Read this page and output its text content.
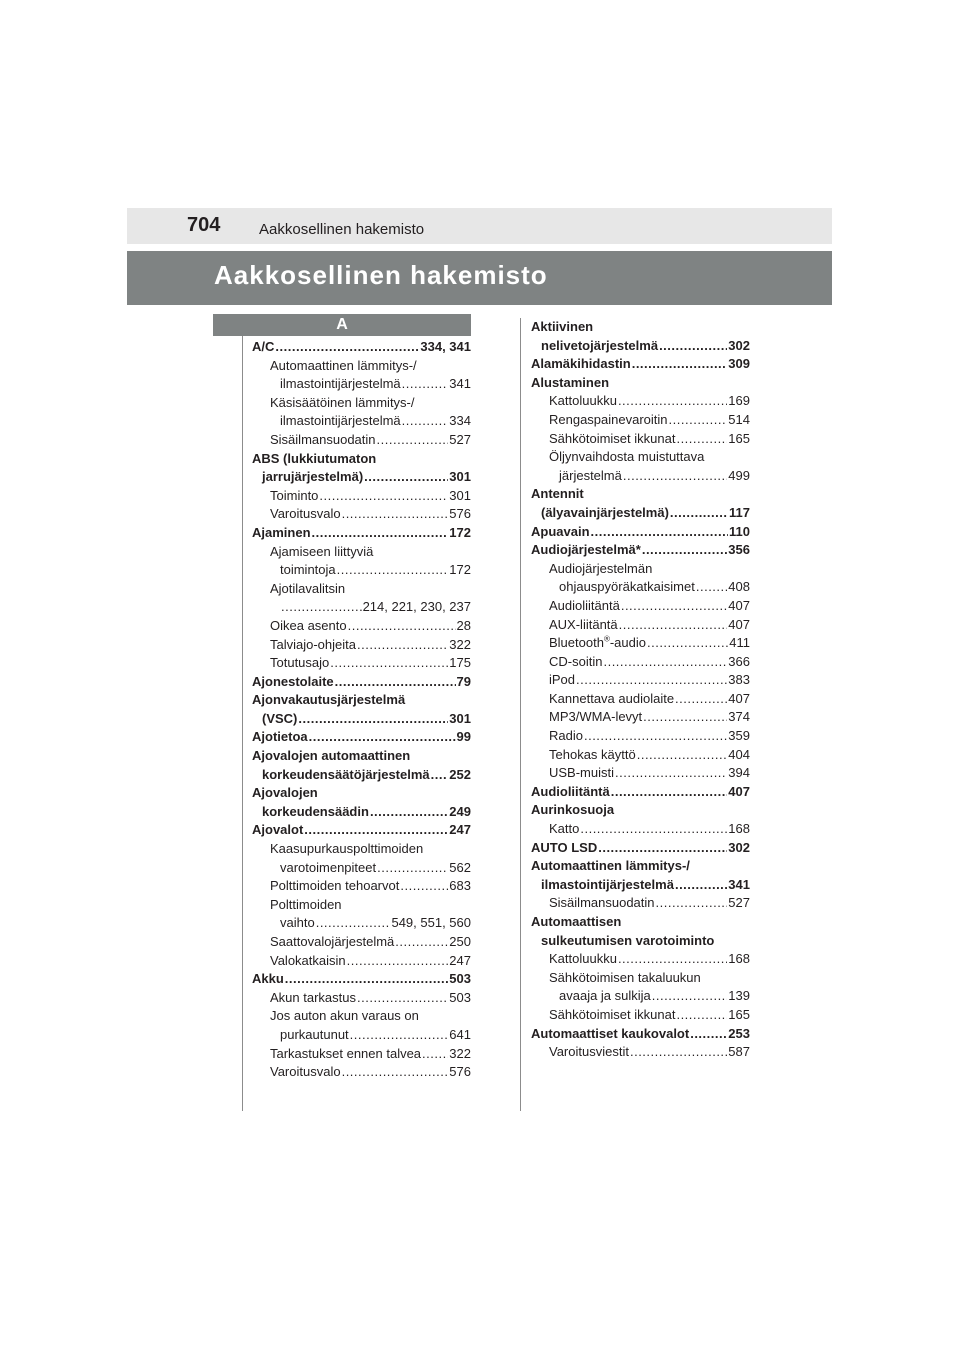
704	Aakkosellinen hakemisto
Aakkosellinen hakemisto
A
A/C .....	334, 341
Automaattinen lämmitys-/
ilmastointijärjestelmä .....	341
Käsisäätöinen lämmitys-/
ilmastointijärjestelmä .....	334
Sisäilmansuodatin .....	527
ABS (lukkiutumaton
jarrujärjestelmä) .....	301
Toiminto .....	301
Varoitusvalo .....	576
Ajaminen .....	172
Ajamiseen liittyviä
toimintoja .....	172
Ajotilavalitsin
.....
214, 221, 230, 237
Oikea asento .....	28
Talviajo-ohjeita .....	322
Totutusajo .....	175
Ajonestolaite .....	79
Ajonvakautusjärjestelmä
(VSC) .....	301
Ajotietoa .....	99
Ajovalojen automaattinen
korkeudensäätöjärjestelmä ..... 252
Ajovalojen
korkeudensäädin .....	249
Ajovalot .....	247
Kaasupurkauspolttimoiden
varotoimenpiteet .....	562
Polttimoiden tehoarvot .....	683
Polttimoiden
vaihto .....	549, 551, 560
Saattovalojärjestelmä .....	250
Valokatkaisin .....	247
Akku .....	503
Akun tarkastus .....	503
Jos auton akun varaus on
purkautunut .....	641
Tarkastukset ennen talvea ..... 322
Varoitusvalo .....	576
Aktiivinen
nelivetojärjestelmä .....	302
Alamäkihidastin .....	309
Alustaminen
Kattoluukku .....	169
Rengaspainevaroitin .....	514
Sähkötoimiset ikkunat .....	165
Öljynvaihdosta muistuttava
järjestelmä .....	499
Antennit
(älyavainjärjestelmä) .....	117
Apuavain .....	110
Audiojärjestelmä* .....	356
Audiojärjestelmän
ohjauspyöräkatkaisimet .....	408
Audioliitäntä .....	407
AUX-liitäntä .....	407
Bluetooth®-audio .....	411
CD-soitin .....	366
iPod .....	383
Kannettava audiolaite .....	407
MP3/WMA-levyt .....	374
Radio .....	359
Tehokas käyttö .....	404
USB-muisti .....	394
Audioliitäntä .....	407
Aurinkosuoja
Katto .....	168
AUTO LSD .....	302
Automaattinen lämmitys-/
ilmastointijärjestelmä .....	341
Sisäilmansuodatin .....	527
Automaattisen
sulkeutumisen varotoiminto
Kattoluukku .....	168
Sähkötoimisen takaluukun
avaaja ja sulkija .....	139
Sähkötoimiset ikkunat .....	165
Automaattiset kaukovalot .....	253
Varoitusviestit .....	587
